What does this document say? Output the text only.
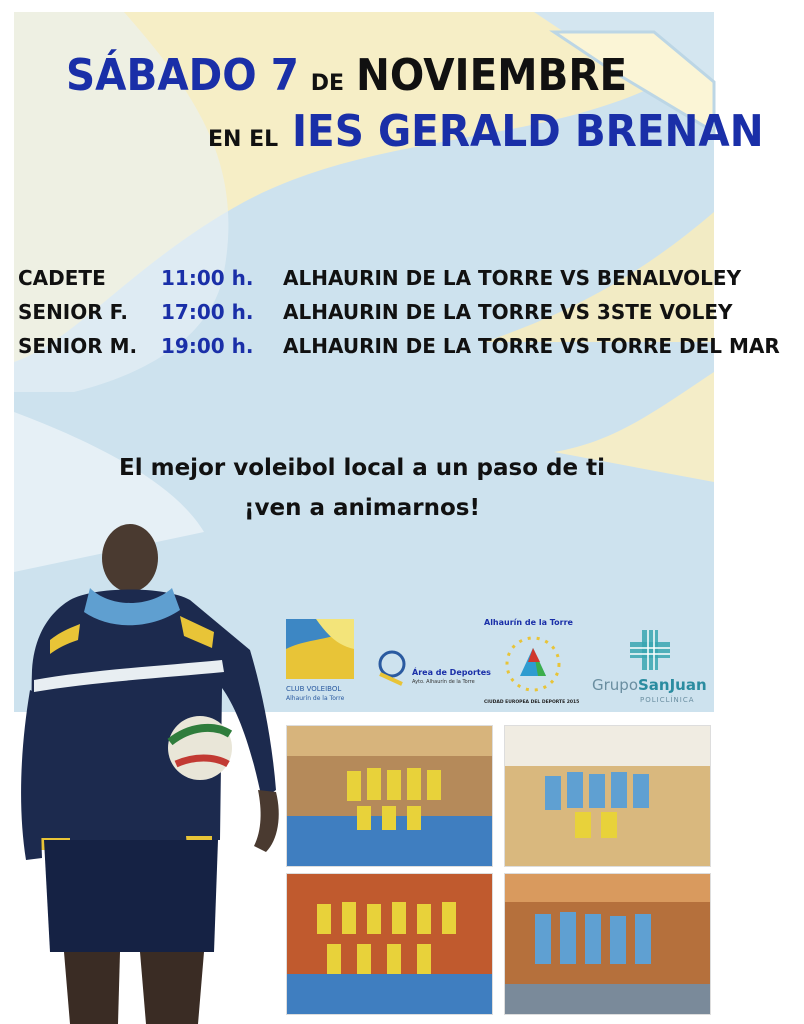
SÁBADO 7 DE NOVIEMBRE
EN EL IES GERALD BRENAN
CADETE	11:00 h. ALHAURIN DE LA TORRE VS BENALVOLEY
SENIOR F. 17:00 h. ALHAURIN DE LA TORRE VS 3STE VOLEY
SENIOR M. 19:00 h. ALHAURIN DE LA TORRE VS TORRE DEL MAR
El mejor voleibol local a un paso de ti
¡ven a animarnos!
CLUB VOLEIBOL
Alhaurín de la Torre
Área de Deportes
Ayto. Alhaurín de la Torre
Alhaurín de la Torre
CIUDAD EUROPEA DEL DEPORTE 2015
GrupoSanJuan
POLICLÍNICA
